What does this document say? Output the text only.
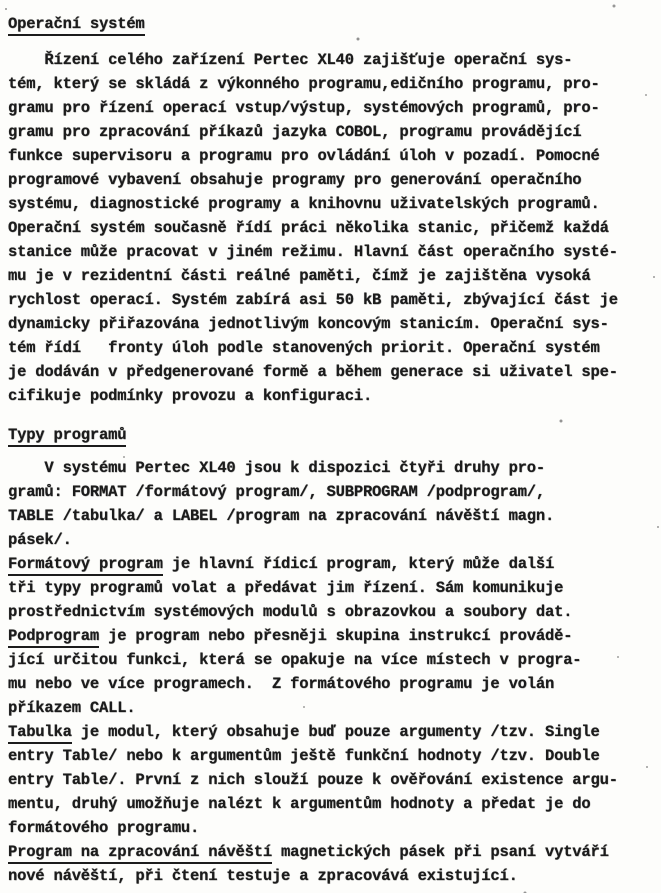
Operační systém
Řízení celého zařízení Pertec XL40 zajišťuje operační sys-
tém, který se skládá z výkonného programu,edičního programu, pro-
gramu pro řízení operací vstup/výstup, systémových programů, pro-
gramu pro zpracování příkazů jazyka COBOL, programu provádějící
funkce supervisoru a programu pro ovládání úloh v pozadí. Pomocné
programové vybavení obsahuje programy pro generování operačního
systému, diagnostické programy a knihovnu uživatelských programů.
Operační systém současně řídí práci několika stanic, přičemž každá
stanice může pracovat v jiném režimu. Hlavní část operačního systé-
mu je v rezidentní části reálné paměti, čímž je zajištěna vysoká
rychlost operací. Systém zabírá asi 50 kB paměti, zbývající část je
dynamicky přiřazována jednotlivým koncovým stanicím. Operační sys-
tém řídí   fronty úloh podle stanovených priorit. Operační systém
je dodáván v předgenerované formě a během generace si uživatel spe-
cifikuje podmínky provozu a konfiguraci.
Typy programů
V systému Pertec XL40 jsou k dispozici čtyři druhy pro-
gramů: FORMAT /formátový program/, SUBPROGRAM /podprogram/,
TABLE /tabulka/ a LABEL /program na zpracování návěští magn.
pásek/.
Formátový program je hlavní řídicí program, který může další
tři typy programů volat a předávat jim řízení. Sám komunikuje
prostřednictvím systémových modulů s obrazovkou a soubory dat.
Podprogram je program nebo přesněji skupina instrukcí provádě-
jící určitou funkci, která se opakuje na více místech v progra-
mu nebo ve více programech.  Z formátového programu je volán
příkazem CALL.
Tabulka je modul, který obsahuje buď pouze argumenty /tzv. Single
entry Table/ nebo k argumentům ještě funkční hodnoty /tzv. Double
entry Table/. První z nich slouží pouze k ověřování existence argu-
mentu, druhý umožňuje nalézt k argumentům hodnoty a předat je do
formátového programu.
Program na zpracování návěští magnetických pásek při psaní vytváří
nové návěští, při čtení testuje a zpracovává existující.
